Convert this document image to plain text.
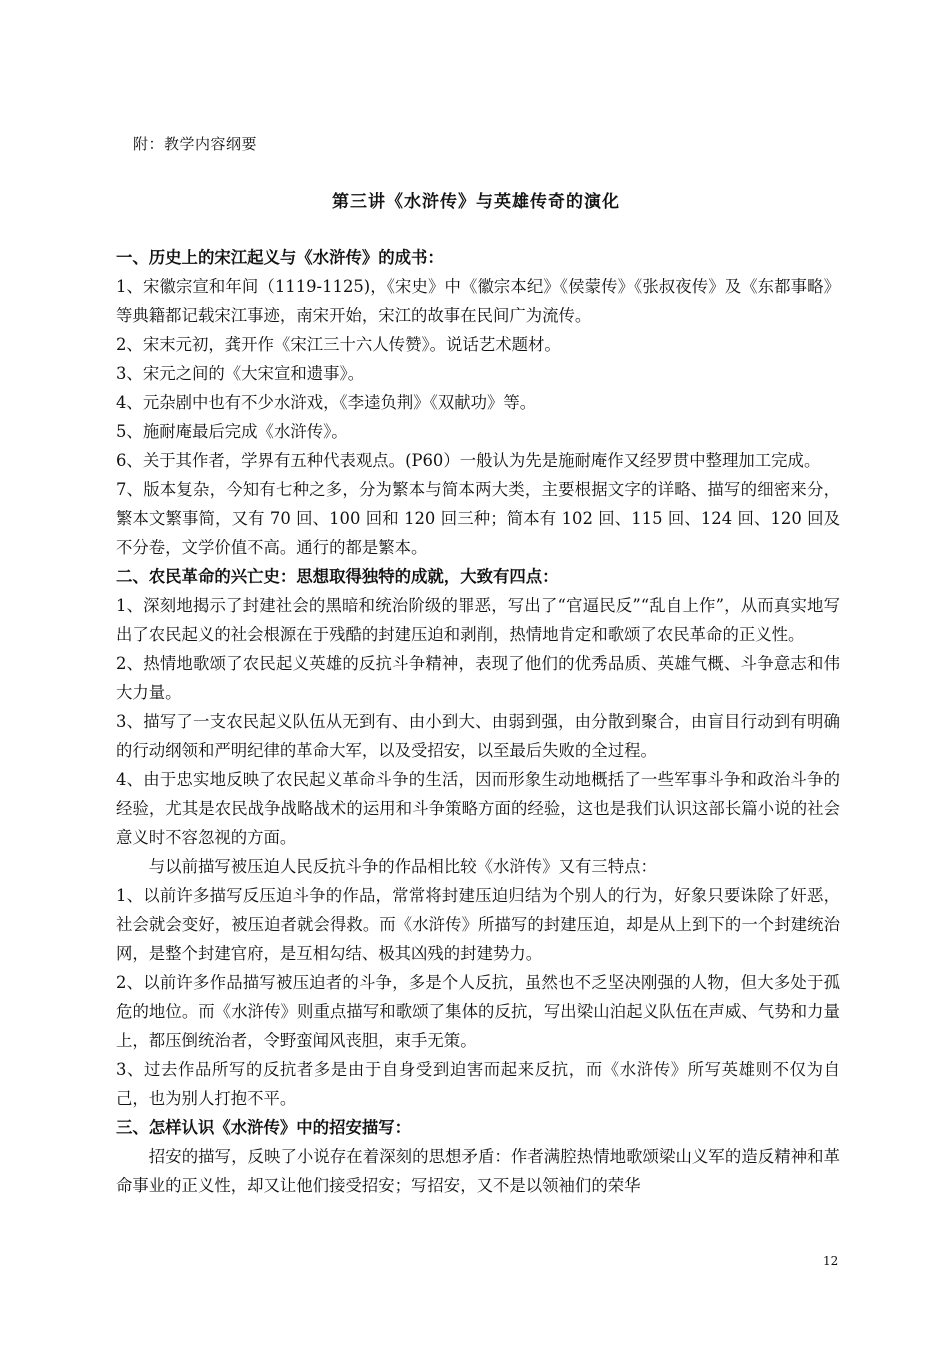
附：教学内容纲要
第三讲《水浒传》与英雄传奇的演化
一、历史上的宋江起义与《水浒传》的成书：

1、宋徽宗宣和年间（1119-1125)，《宋史》中《徽宗本纪》《侯蒙传》《张叔夜传》及《东都事略》等典籍都记载宋江事迹，南宋开始，宋江的故事在民间广为流传。

2、宋末元初，龚开作《宋江三十六人传赞》。说话艺术题材。

3、宋元之间的《大宋宣和遗事》。

4、元杂剧中也有不少水浒戏，《李逵负荆》《双献功》等。

5、施耐庵最后完成《水浒传》。

6、关于其作者，学界有五种代表观点。(P60）一般认为先是施耐庵作又经罗贯中整理加工完成。

7、版本复杂，今知有七种之多，分为繁本与简本两大类，主要根据文字的详略、描写的细密来分，繁本文繁事简，又有 70 回、100 回和 120 回三种；简本有 102 回、115 回、124 回、120 回及不分卷，文学价值不高。通行的都是繁本。

二、农民革命的兴亡史：思想取得独特的成就，大致有四点：

1、深刻地揭示了封建社会的黑暗和统治阶级的罪恶，写出了“官逼民反”“乱自上作”，从而真实地写出了农民起义的社会根源在于残酷的封建压迫和剥削，热情地肯定和歌颂了农民革命的正义性。

2、热情地歌颂了农民起义英雄的反抗斗争精神，表现了他们的优秀品质、英雄气概、斗争意志和伟大力量。

3、描写了一支农民起义队伍从无到有、由小到大、由弱到强，由分散到聚合，由盲目行动到有明确的行动纲领和严明纪律的革命大军，以及受招安，以至最后失败的全过程。

4、由于忠实地反映了农民起义革命斗争的生活，因而形象生动地概括了一些军事斗争和政治斗争的经验，尤其是农民战争战略战术的运用和斗争策略方面的经验，这也是我们认识这部长篇小说的社会意义时不容忽视的方面。

与以前描写被压迫人民反抗斗争的作品相比较《水浒传》又有三特点：

1、以前许多描写反压迫斗争的作品，常常将封建压迫归结为个别人的行为，好象只要诛除了奸恶，社会就会变好，被压迫者就会得救。而《水浒传》所描写的封建压迫，却是从上到下的一个封建统治网，是整个封建官府，是互相勾结、极其凶残的封建势力。

2、以前许多作品描写被压迫者的斗争，多是个人反抗，虽然也不乏坚决刚强的人物，但大多处于孤危的地位。而《水浒传》则重点描写和歌颂了集体的反抗，写出梁山泊起义队伍在声威、气势和力量上，都压倒统治者，令野蛮闻风丧胆，束手无策。

3、过去作品所写的反抗者多是由于自身受到迫害而起来反抗，而《水浒传》所写英雄则不仅为自己，也为别人打抱不平。

三、怎样认识《水浒传》中的招安描写：

招安的描写，反映了小说存在着深刻的思想矛盾：作者满腔热情地歌颂梁山义军的造反精神和革命事业的正义性，却又让他们接受招安；写招安，又不是以领袖们的荣华

12
